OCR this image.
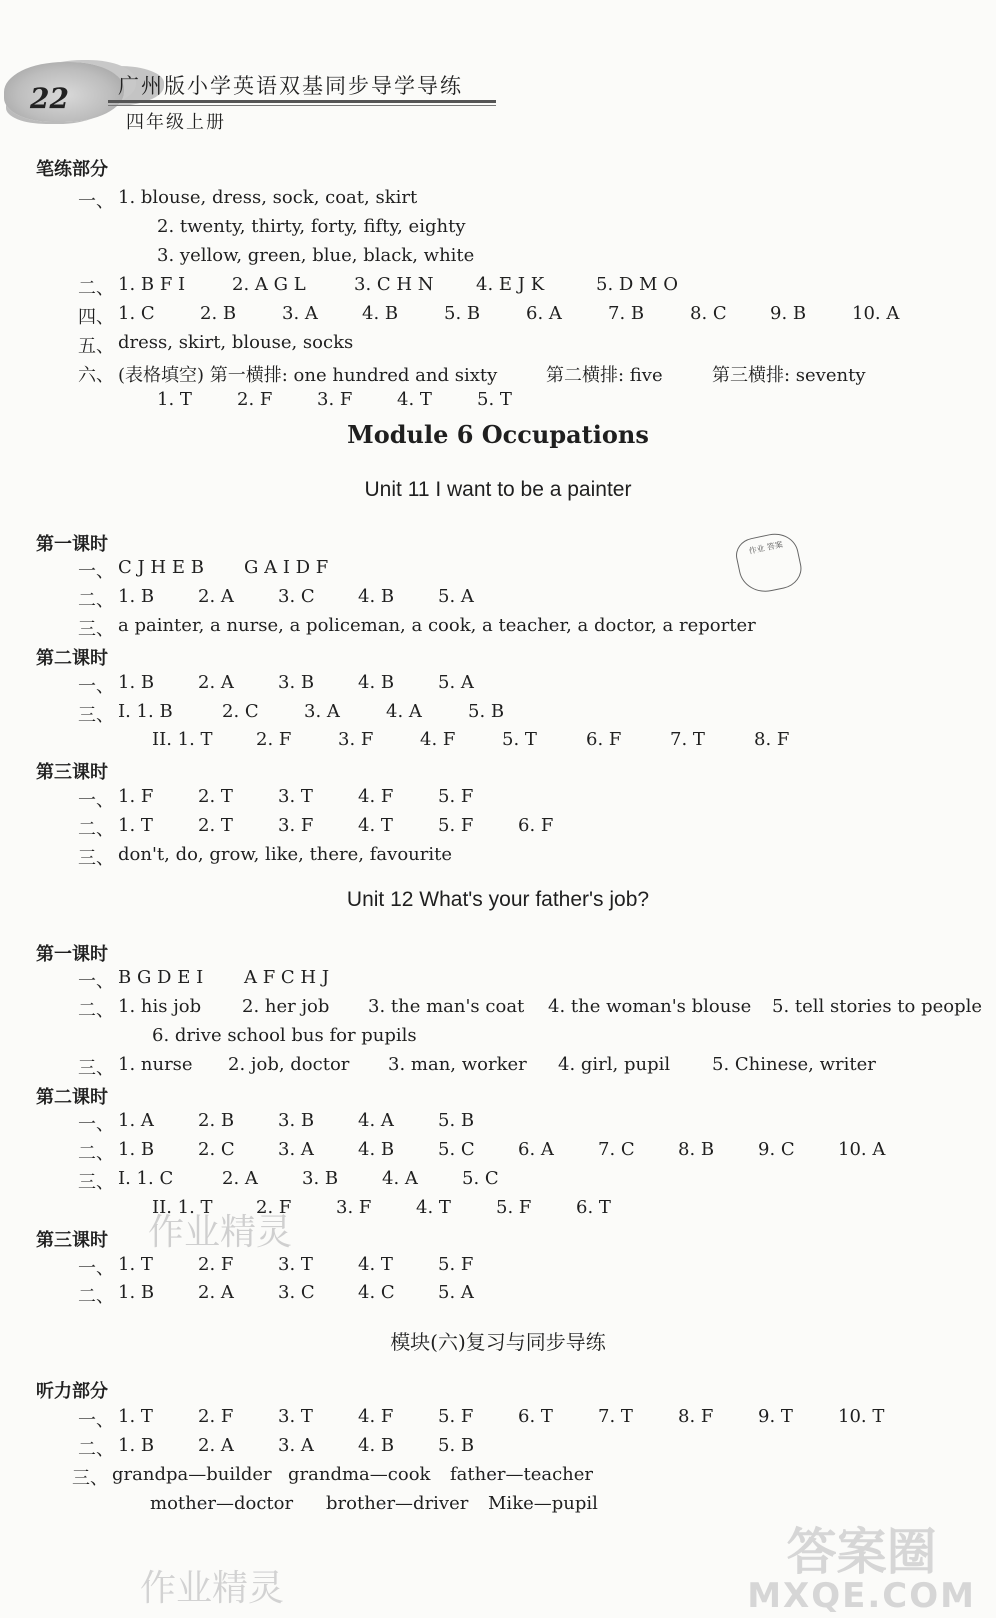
22 广州版小学英语双基同步导学导练
四年级上册
笔练部分
第一课时
第二课时
第三课时
第一课时
第二课时
第三课时
听力部分
一、 1. blouse, dress, sock, coat, skirt
2. twenty, thirty, forty, fifty, eighty
3. yellow, green, blue, black, white
二、 1. B F I	2. A G L	3. C H N 4. E J K	5. D M O
四、 1. C	2. B	3. A 4. B	5. B	6. A	7. B	8. C 9. B	10. A
五、 dress, skirt, blouse, socks
六、 (表格填空) 第一横排: one hundred and sixty	第二横排: five	第三横排: seventy
1. T	2. F 3. F 4. T	5. T
一、 C J H E B G A I D F
二、 1. B 2. A 3. C 4. B 5. A
三、 a painter, a nurse, a policeman, a cook, a teacher, a doctor, a reporter
一、 1. B 2. A 3. B 4. B 5. A
三、 I. 1. B	2. C	3. A	4. A	5. B
II. 1. T 2. F	3. F	4. F	5. T	6. F	7. T	8. F
一、 1. F 2. T	3. T	4. F 5. F
二、 1. T	2. T	3. F 4. T	5. F 6. F
三、 don't, do, grow, like, there, favourite
一、 B G D E I A F C H J
二、 1. his job 2. her job 3. the man's coat 4. the woman's blouse 5. tell stories to people
6. drive school bus for pupils
三、 1. nurse 2. job, doctor 3. man, worker 4. girl, pupil 5. Chinese, writer
一、 1. A 2. B 3. B 4. A 5. B
二、 1. B 2. C 3. A 4. B 5. C 6. A 7. C 8. B 9. C 10. A
三、 I. 1. C	2. A 3. B 4. A 5. C
II. 1. T 2. F 3. F 4. T	5. F 6. T
一、 1. T	2. F 3. T	4. T	5. F
二、 1. B 2. A 3. C 4. C 5. A
一、 1. T	2. F 3. T	4. F 5. F 6. T	7. T	8. F 9. T	10. T
二、 1. B 2. A 3. A 4. B 5. B
三、 grandpa—builder grandma—cook father—teacher
mother—doctor brother—driver Mike—pupil
Module 6 Occupations
Unit 11 I want to be a painter
Unit 12 What's your father's job?
模块(六)复习与同步导练
作业 答案
作业精灵
作业精灵
答案圈
MXQE.COM
